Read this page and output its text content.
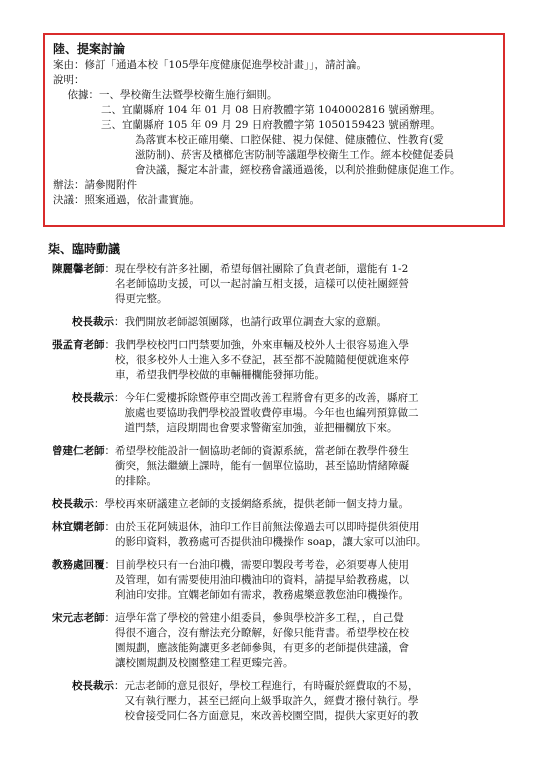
陸、提案討論

案由：修訂「通過本校「105學年度健康促進學校計畫」」，請討論。

說明：

依據：一、學校衛生法暨學校衛生施行細則。

二、宜蘭縣府 104 年 01 月 08 日府教體字第 1040002816 號函辦理。

三、宜蘭縣府 105 年 09 月 29 日府教體字第 1050159423 號函辦理。

為落實本校正確用藥、口腔保健、視力保健、健康體位、性教育(愛

滋防制)、菸害及檳榔危害防制等議題學校衛生工作。經本校健促委員

會決議，擬定本計畫，經校務會議通過後，以利於推動健康促進工作。

辦法：請參閱附件

決議：照案通過，依計畫實施。

柒、臨時動議

陳麗馨老師 ： 現在學校有許多社團，希望每個社團除了負責老師，還能有 1-2

名老師協助支援，可以一起討論互相支援，這樣可以使社團經營

得更完整。

校長裁示 ： 我們開放老師認領團隊，也請行政單位調查大家的意願。

張孟育老師 ： 我們學校校門口門禁要加強，外來車輛及校外人士很容易進入學

校，很多校外人士進入多不登記，甚至都不說隨隨便便就進來停

車，希望我們學校做的車輛柵欄能發揮功能。

校長裁示 ： 今年仁愛樓拆除暨停車空間改善工程將會有更多的改善，縣府工

旅處也要協助我們學校設置收費停車場。今年也也編列預算做二

道門禁，這段期間也會要求警衛室加強，並把柵欄放下來。

曾建仁老師 ： 希望學校能設計一個協助老師的資源系統，當老師在教學件發生

衝突，無法繼續上課時，能有一個單位協助，甚至協助情緒障礙

的排除。

校長裁示 ： 學校再來研議建立老師的支援網絡系統，提供老師一個支持力量。

林宜嫻老師 ： 由於玉花阿姨退休，油印工作目前無法像過去可以即時提供須使用

的影印資料，教務處可否提供油印機操作 soap，讓大家可以油印。

教務處回覆 ： 目前學校只有一台油印機，需要印製段考考卷，必須要專人使用

及管理，如有需要使用油印機油印的資料，請提早給教務處，以

利油印安排。宜嫻老師如有需求，教務處樂意教您油印機操作。

宋元志老師 ： 這學年當了學校的營建小組委員，參與學校許多工程，，自己覺

得很不適合，沒有辦法充分瞭解，好像只能背書。希望學校在校

園規劃，應該能夠讓更多老師參與，有更多的老師提供建議，會

讓校園規劃及校園整建工程更臻完善。

校長裁示 ： 元志老師的意見很好，學校工程進行，有時礙於經費取的不易，

又有執行壓力，甚至已經向上級爭取許久，經費才撥付執行。學

校會接受同仁各方面意見，來改善校園空間，提供大家更好的教
